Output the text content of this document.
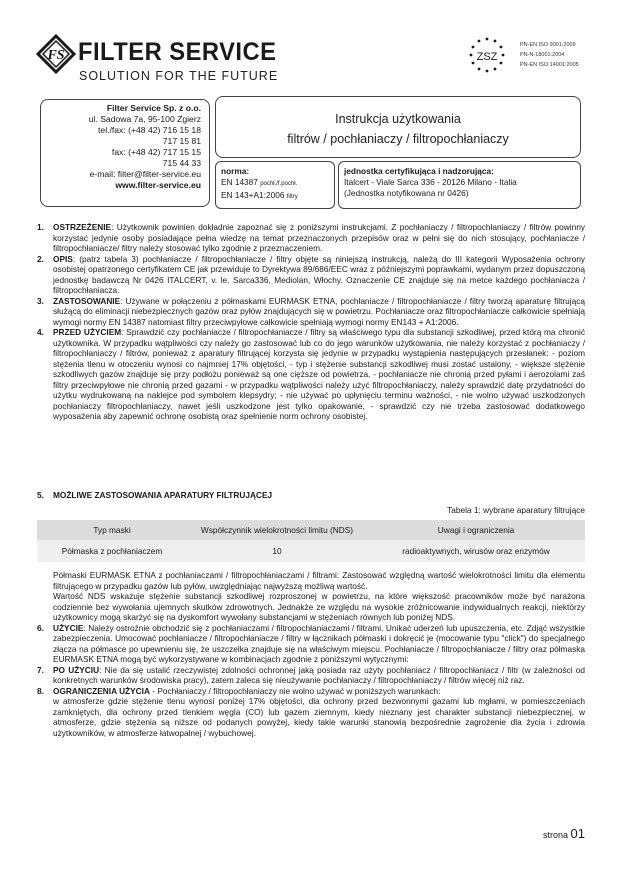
FS FILTER SERVICE
SOLUTION FOR THE FUTURE
ZSZ
PN-EN ISO 9001:2009
PN-N-18001:2004
PN-EN ISO 14001:2005
Filter Service Sp. z o.o.
ul. Sadowa 7a, 95-100 Zgierz
tel./fax: (+48 42) 716 15 18
717 15 81
fax: (+48 42) 717 15 15
715 44 33
e-mail: filter@filter-service.eu
www.filter-service.eu
Instrukcja użytkowania
filtrów / pochłaniaczy / filtropochłaniaczy
norma:
EN 14387 pochł./f.pochł.
EN 143+A1:2006 filtry
jednostka certyfikująca i nadzorująca:
Italcert - Viale Sarca 336 - 20126 Milano - Italia
(Jednostka notyfikowana nr 0426)
1. OSTRZEŻENIE: Użytkownik powinien dokładnie zapoznać się z poniższymi instrukcjami. Z pochłaniaczy / filtropochłaniaczy / filtrów powinny korzystać jedynie osoby posiadające pełna wiedzę na temat przeznaczonych przepisów oraz w pełni się do nich stosujący, pochłaniacze / filtropochłaniacze/ filtry należy stosować tylko zgodnie z przeznaczeniem.
2. OPIS: (patrz tabela 3) pochłaniacze / filtropochłaniacze / filtry objęte są niniejszą instrukcją, należą do III kategorii Wyposażenia ochrony osobistej opatrzonego certyfikatem CE jak przewiduje to Dyrektywa 89/686/EEC wraz z późniejszymi poprawkami, wydanym przez dopuszczoną jednostkę badawczą Nr 0426 ITALCERT, v. le. Sarca336, Mediolan, Włochy. Oznaczenie CE znajduje się na metce każdego pochłaniacza / filtropochłaniacza.
3. ZASTOSOWANIE: Używane w połączeniu z półmaskami EURMASK ETNA, pochłaniacze / filtropochłaniacze / filtry tworzą aparaturę filtrującą służącą do eliminacji niebezpiecznych gazów oraz pyłów znajdujących się w powietrzu. Pochłaniacze oraz filtropochłaniacze całkowicie spełniają wymogi normy EN 14387 natomiast filtry przeciwpyłowe całkowicie spełniają wymogi normy EN143 + A1:2006.
4. PRZED UŻYCIEM: Sprawdzić czy pochłaniacze / filtropochłaniacze / filtry są właściwego typu dla substancji szkodliwej, przed którą ma chronić użytkownika. W przypadku wątpliwości czy należy go zastosować lub co do jego warunków użytkowania, nie należy korzystać z pochłaniaczy / filtropochłaniaczy / filtrów, ponieważ z aparatury filtrującej korzysta się jedynie w przypadku wystąpienia następujących przesłanek: - poziom stężenia tlenu w otoczeniu wynosi co najmniej 17% objętości, - typ i stężenie substancji szkodliwej musi zostać ustalony, - większe stężenie szkodliwych gazów znajduje się przy podłożu ponieważ są one cięższe od powietrza, - pochłaniacze nie chronią przed pyłami i aerozolami zaś filtry przeciwpyłowe nie chronią przed gazami - w przypadku wątpliwości należy użyć filtropochłaniaczy, należy sprawdzić datę przydatności do użytku wydrukowaną na naklejce pod symbolem klepsydry; - nie używać po upłynięciu terminu ważności, - nie wolno używać uszkodzonych pochłaniaczy filtropochłaniaczy, nawet jeśli uszkodzone jest tylko opakowanie, - sprawdzić czy nie trzeba zastosować dodatkowego wyposażenia aby zapewnić ochronę osobistą oraz spełnienie norm ochrony osobistej.
5. MOŻLIWE ZASTOSOWANIA APARATURY FILTRUJĄCEJ
Tabela 1: wybrane aparatury filtrujące
Typ maski	Współczynnik wielokrotności limitu (NDS)	Uwagi i ograniczenia
Półmaska z pochłaniaczem	10	radioaktywnych, wirusów oraz enzymów
Półmaski EURMASK ETNA z pochłaniaczami / filtropochłaniaczami / filtrami: Zastosować względną wartość wielokrotności limitu dla elementu filtrującego w przypadku gazów lub pyłów, uwzględniając najwyższą możliwą wartość.
Wartość NDS wskazuje stężenie substancji szkodliwej rozproszonej w powietrzu, na które większość pracowników może być narażona codziennie bez wywołania ujemnych skutków zdrowotnych. Jednakże ze względu na wysokie zróżnicowanie indywidualnych reakcji, niektórzy użytkownicy mogą skarżyć się na dyskomfort wywołany substancjami w stężeniach równych lub poniżej NDS.
6. UŻYCIE: Należy ostrożnie obchodzić się z pochłaniaczami / filtropochłaniaczami / filtrami. Unikać uderzeń lub upuszczenia, etc. Zdjąć wszystkie zabezpieczenia. Umocować pochłaniacze / filtropochłaniacze / filtry w łącznikach półmaski i dokręcić je (mocowanie typu "click") do specjalnego złącza na półmasce po upewnieniu się, że uszczelka znajduje się na właściwym miejscu. Pochłaniacze / filtropochłaniacze / filtry oraz półmaska EURMASK ETNA mogą być wykorzystywane w kombinacjach zgodnie z poniższymi wytycznymi:
7. PO UŻYCIU: Nie da się ustalić rzeczywistej zdolności ochronnej jaką posiada raz użyty pochłaniacz / filtropochłaniacz / filtr (w zależności od konkretnych warunków środowiska pracy), zatem zaleca się nieużywanie pochłaniaczy / filtropochłaniaczy / filtrów więcej niż raz.
8. OGRANICZENIA UŻYCIA - Pochłaniaczy / filtropochłaniaczy nie wolno używać w poniższych warunkach:
w atmosferze gdzie stężenie tlenu wynosi poniżej 17% objętości, dla ochrony przed bezwonnymi gazami lub mgłami, w pomieszczeniach zamkniętych, dla ochrony przed tlenkiem węgla (CO) lub gazem ziemnym, kiedy nieznany jest charakter substancji niebezpiecznej, w atmosferze, gdzie stężenia są niższe od podanych powyżej, kiedy takie warunki stanowią bezpośrednie zagrożenie dla życia i zdrowia użytkowników, w atmosferze łatwopalnej / wybuchowej.
strona 01
